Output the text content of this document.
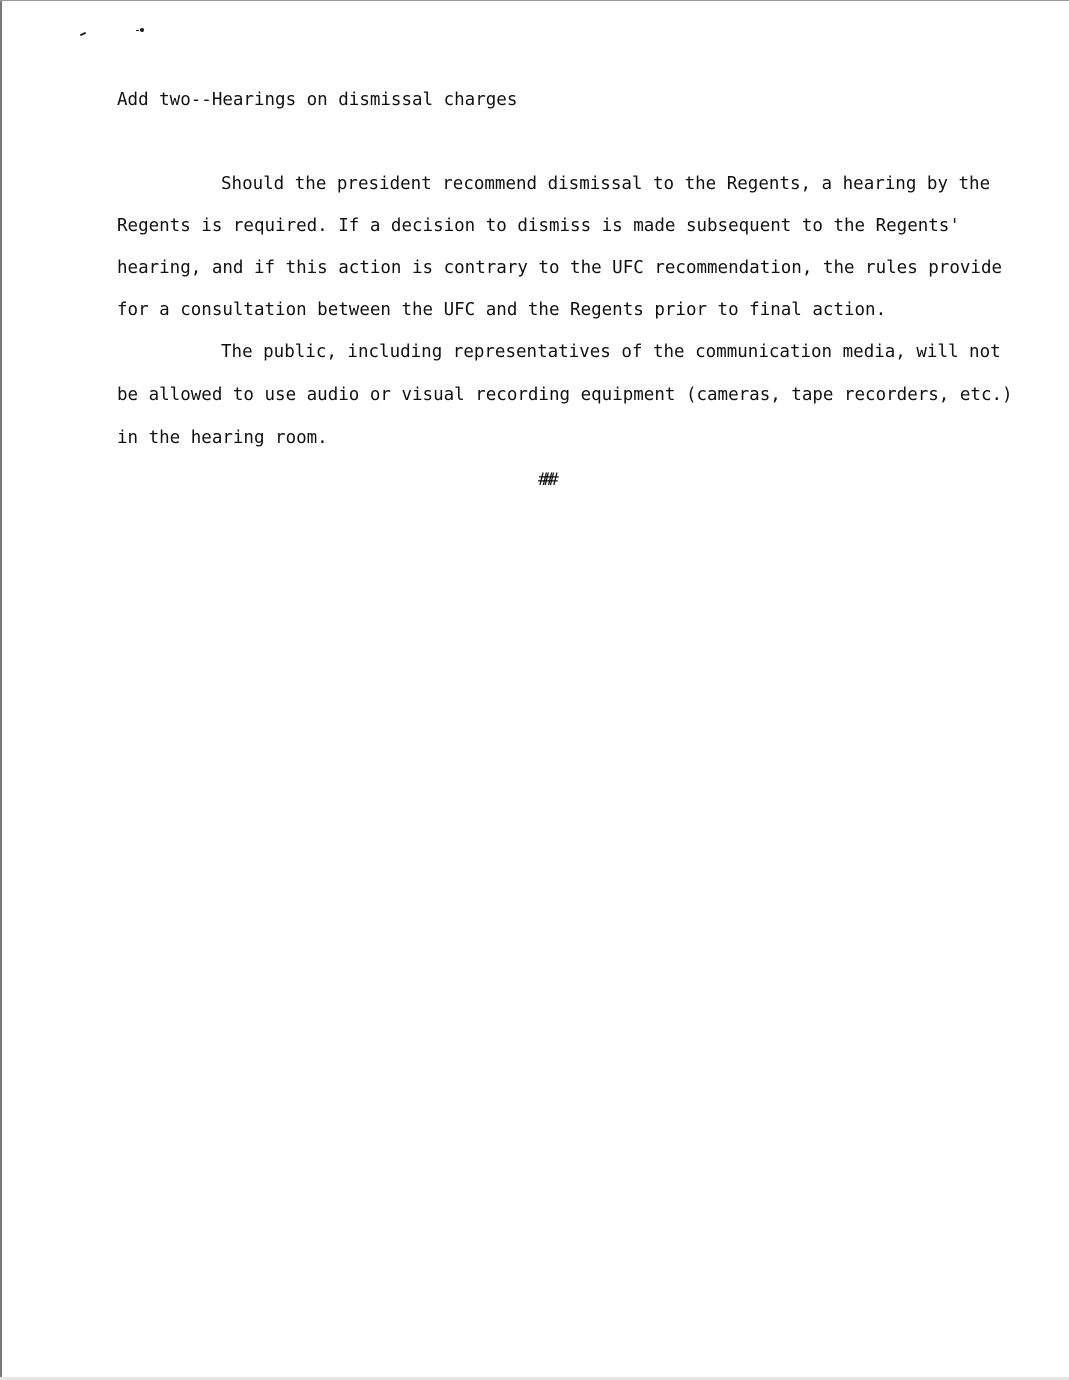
Add two--Hearings on dismissal charges

Should the president recommend dismissal to the Regents, a hearing by the

Regents is required. If a decision to dismiss is made subsequent to the Regents'

hearing, and if this action is contrary to the UFC recommendation, the rules provide

for a consultation between the UFC and the Regents prior to final action.

The public, including representatives of the communication media, will not

be allowed to use audio or visual recording equipment (cameras, tape recorders, etc.)

in the hearing room.

###
